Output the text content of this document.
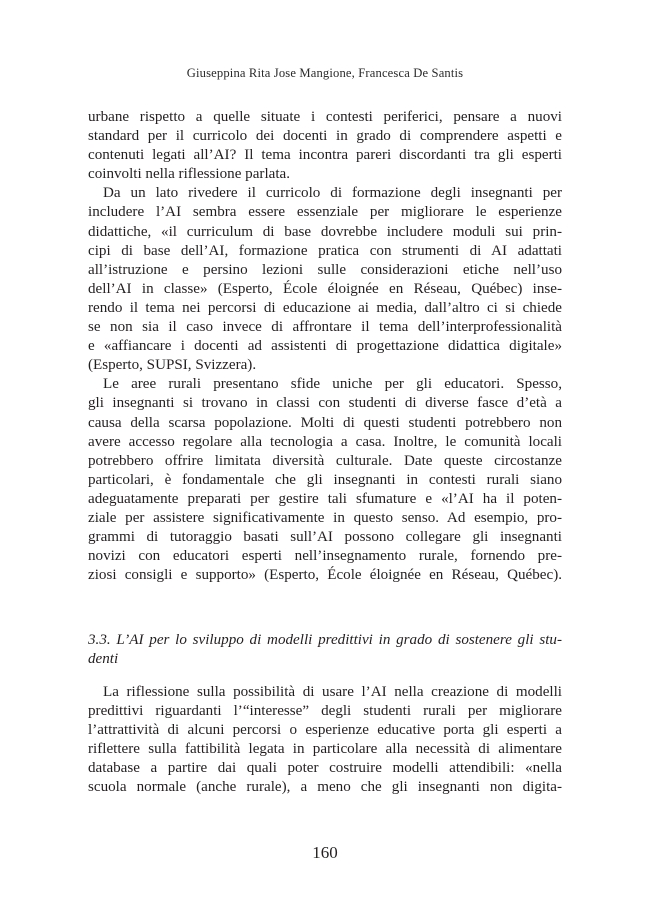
Giuseppina Rita Jose Mangione, Francesca De Santis
urbane rispetto a quelle situate i contesti periferici, pensare a nuovi
standard per il curricolo dei docenti in grado di comprendere aspetti e
contenuti legati all’AI? Il tema incontra pareri discordanti tra gli esperti
coinvolti nella riflessione parlata.
Da un lato rivedere il curricolo di formazione degli insegnanti per
includere l’AI sembra essere essenziale per migliorare le esperienze
didattiche, «il curriculum di base dovrebbe includere moduli sui prin-
cipi di base dell’AI, formazione pratica con strumenti di AI adattati
all’istruzione e persino lezioni sulle considerazioni etiche nell’uso
dell’AI in classe» (Esperto, École éloignée en Réseau, Québec) inse-
rendo il tema nei percorsi di educazione ai media, dall’altro ci si chiede
se non sia il caso invece di affrontare il tema dell’interprofessionalità
e «affiancare i docenti ad assistenti di progettazione didattica digitale»
(Esperto, SUPSI, Svizzera).
Le aree rurali presentano sfide uniche per gli educatori. Spesso,
gli insegnanti si trovano in classi con studenti di diverse fasce d’età a
causa della scarsa popolazione. Molti di questi studenti potrebbero non
avere accesso regolare alla tecnologia a casa. Inoltre, le comunità locali
potrebbero offrire limitata diversità culturale. Date queste circostanze
particolari, è fondamentale che gli insegnanti in contesti rurali siano
adeguatamente preparati per gestire tali sfumature e «l’AI ha il poten-
ziale per assistere significativamente in questo senso. Ad esempio, pro-
grammi di tutoraggio basati sull’AI possono collegare gli insegnanti
novizi con educatori esperti nell’insegnamento rurale, fornendo pre-
ziosi consigli e supporto» (Esperto, École éloignée en Réseau, Québec).
3.3. L’AI per lo sviluppo di modelli predittivi in grado di sostenere gli stu-
denti
La riflessione sulla possibilità di usare l’AI nella creazione di modelli
predittivi riguardanti l’“interesse” degli studenti rurali per migliorare
l’attrattività di alcuni percorsi o esperienze educative porta gli esperti a
riflettere sulla fattibilità legata in particolare alla necessità di alimentare
database a partire dai quali poter costruire modelli attendibili: «nella
scuola normale (anche rurale), a meno che gli insegnanti non digita-
160
